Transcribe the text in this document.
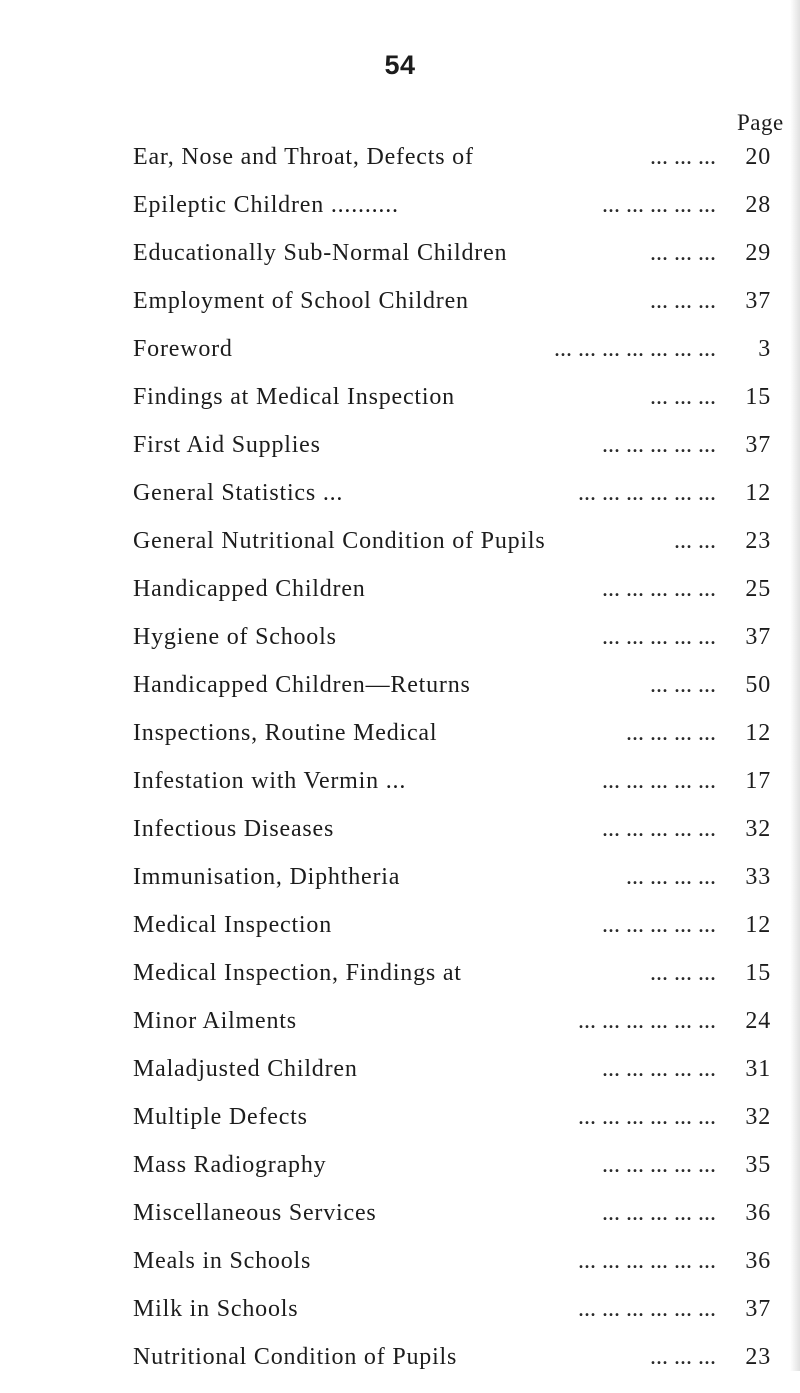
54
Page
Ear, Nose and Throat, Defects of	... ... ... 20
Epileptic Children ..........	... ... ... ... ... 28
Educationally Sub-Normal Children	... ... ... 29
Employment of School Children	... ... ... 37
Foreword	... ... ... ... ... ... ... 3
Findings at Medical Inspection	... ... ... 15
First Aid Supplies	... ... ... ... ... 37
General Statistics ...	... ... ... ... ... ... 12
General Nutritional Condition of Pupils	... ... 23
Handicapped Children	... ... ... ... ... 25
Hygiene of Schools	... ... ... ... ... 37
Handicapped Children—Returns	... ... ... 50
Inspections, Routine Medical	... ... ... ... 12
Infestation with Vermin ...	... ... ... ... ... 17
Infectious Diseases	... ... ... ... ... 32
Immunisation, Diphtheria	... ... ... ... 33
Medical Inspection	... ... ... ... ... 12
Medical Inspection, Findings at	... ... ... 15
Minor Ailments	... ... ... ... ... ... 24
Maladjusted Children	... ... ... ... ... 31
Multiple Defects	... ... ... ... ... ... 32
Mass Radiography	... ... ... ... ... 35
Miscellaneous Services	... ... ... ... ... 36
Meals in Schools	... ... ... ... ... ... 36
Milk in Schools	... ... ... ... ... ... 37
Nutritional Condition of Pupils	... ... ... 23
